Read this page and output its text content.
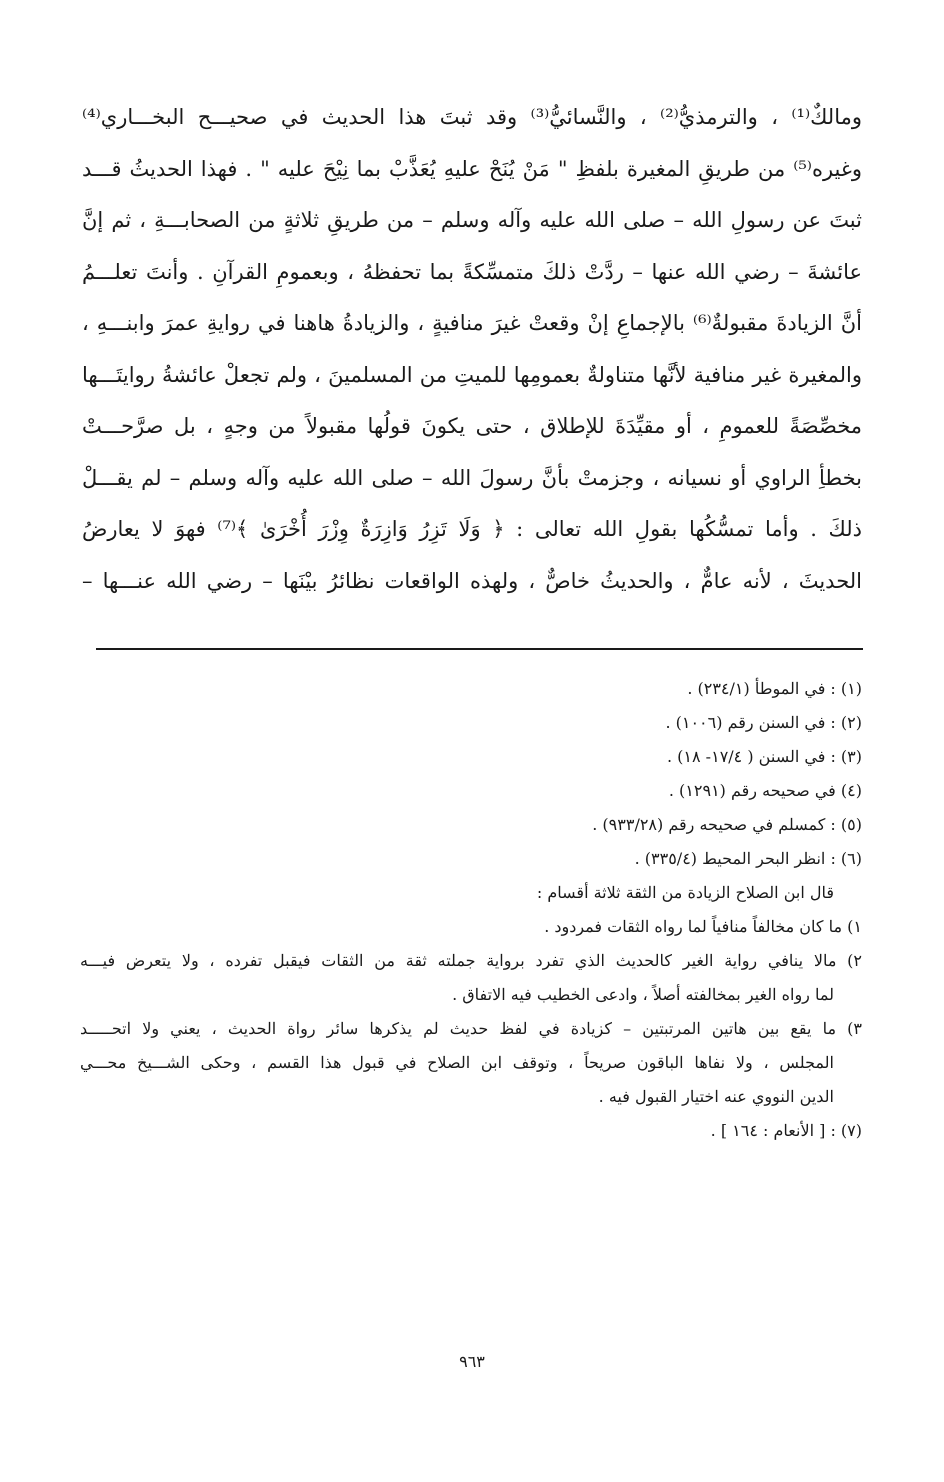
ومالكٌ⁽¹⁾ ، والترمذيُّ⁽²⁾ ، والنَّسائيُّ⁽³⁾ وقد ثبتَ هذا الحديث في صحيـــح البخـــاري⁽⁴⁾
وغيره⁽⁵⁾ من طريقِ المغيرة بلفظِ " مَنْ يُنَحْ عليهِ يُعَذَّبْ بما نِيْحَ عليه " . فهذا الحديثُ قـــد
ثبتَ عن رسولِ الله – صلى الله عليه وآله وسلم – من طريقِ ثلاثةٍ من الصحابـــةِ ، ثم إنَّ
عائشةَ – رضي الله عنها – ردَّتْ ذلكَ متمسِّكةً بما تحفظهُ ، وبعمومِ القرآنِ . وأنتَ تعلـــمُ
أنَّ الزيادةَ مقبولةٌ⁽⁶⁾ بالإجماعِ إنْ وقعتْ غيرَ منافيةٍ ، والزيادةُ هاهنا في روايةِ عمرَ وابنـــهِ ،
والمغيرة غير منافية لأنَّها متناولةٌ بعمومِها للميتِ من المسلمينَ ، ولم تجعلْ عائشةُ روايتَـــها
مخصِّصَةً للعمومِ ، أو مقيِّدَةَ للإطلاق ، حتى يكونَ قولُها مقبولاً من وجهٍ ، بل صرَّحـــتْ
بخطأِ الراوي أو نسيانه ، وجزمتْ بأنَّ رسولَ الله – صلى الله عليه وآله وسلم – لم يقـــلْ
ذلكَ . وأما تمسُّكُها بقولِ الله تعالى : ﴿ وَلَا تَزِرُ وَازِرَةٌ وِزْرَ أُخْرَىٰ ﴾⁽⁷⁾ فهوَ لا يعارضُ
الحديثَ ، لأنه عامٌّ ، والحديثُ خاصٌّ ، ولهذه الواقعات نظائرُ بيْنَها – رضي الله عنـــها –
(١) : في الموطأ (٢٣٤/١) .
(٢) : في السنن رقم (١٠٠٦) .
(٣) : في السنن ( ١٧/٤- ١٨) .
(٤) في صحيحه رقم (١٢٩١) .
(٥) : كمسلم في صحيحه رقم (٩٣٣/٢٨) .
(٦) : انظر البحر المحيط (٣٣٥/٤) .
قال ابن الصلاح الزيادة من الثقة ثلاثة أقسام :
١) ما كان مخالفاً منافياً لما رواه الثقات فمردود .
٢) مالا ينافي رواية الغير كالحديث الذي تفرد برواية جملته ثقة من الثقات فيقبل تفرده ، ولا يتعرض فيـــه
لما رواه الغير بمخالفته أصلاً ، وادعى الخطيب فيه الاتفاق .
٣) ما يقع بين هاتين المرتبتين – كزيادة في لفظ حديث لم يذكرها سائر رواة الحديث ، يعني ولا اتحـــــد
المجلس ، ولا نفاها الباقون صريحاً ، وتوقف ابن الصلاح في قبول هذا القسم ، وحكى الشـــيخ محـــي
الدين النووي عنه اختيار القبول فيه .
(٧) : [ الأنعام : ١٦٤ ] .
٩٦٣
